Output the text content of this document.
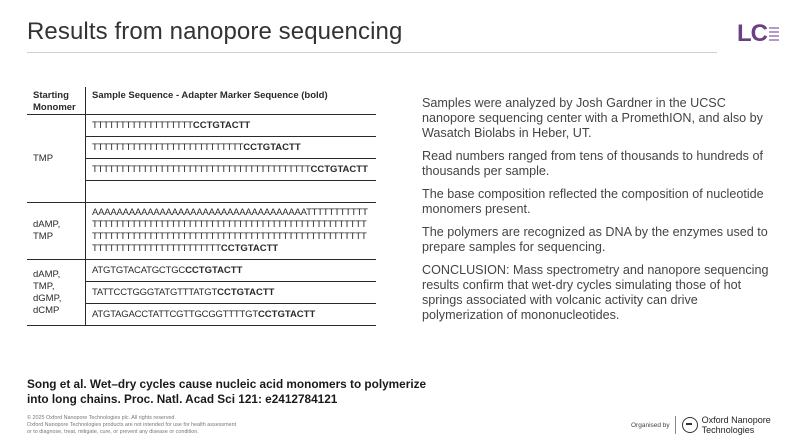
Results from nanopore sequencing	LC
Starting Monomer	Sample Sequence - Adapter Marker Sequence (bold)
TMP	TTTTTTTTTTTTTTTTTTCCTGTACTT
	TTTTTTTTTTTTTTTTTTTTTTTTTTTCCTGTACTT
	TTTTTTTTTTTTTTTTTTTTTTTTTTTTTTTTTTTTTTTCCTGTACTT

dAMP, TMP	AAAAAAAAAAAAAAAAAAAAAAAAAAAAAAAAAAATTTTTTTTTTTTTTTTTTTTTTTTTTTTTTTTTTTTTTTTTTTTTTTTTTTTTTTTTTTTTTTTTTTTTTTTTTTTTTTTTTTTTTTTTTTTTTTTTTTTTTTTTTTTTTTTTTTTTTTTTTTTTTTTTTTTCCTGTACTT

dAMP, TMP, dGMP, dCMP	ATGTGTACATGCTGCCCTGTACTT
	TATTCCTGGGTATGTTTATGTCCTGTACTT
	ATGTAGACCTATTCGTTGCGGTTTTGTCCTGTACTT

Samples were analyzed by Josh Gardner in the UCSC nanopore sequencing center with a PromethION, and also by Wasatch Biolabs in Heber, UT.

Read numbers ranged from tens of thousands to hundreds of thousands per sample.

The base composition reflected the composition of nucleotide monomers present.

The polymers are recognized as DNA by the enzymes used to prepare samples for sequencing.

CONCLUSION: Mass spectrometry and nanopore sequencing results confirm that wet-dry cycles simulating those of hot springs associated with volcanic activity can drive polymerization of mononucleotides.

Song et al. Wet–dry cycles cause nucleic acid monomers to polymerize into long chains. Proc. Natl. Acad Sci 121: e2412784121
© 2025 Oxford Nanopore Technologies plc. All rights reserved.
Oxford Nanopore Technologies products are not intended for use for health assessment
or to diagnose, treat, mitigate, cure, or prevent any disease or condition.
Organised by	Oxford Nanopore
Technologies
